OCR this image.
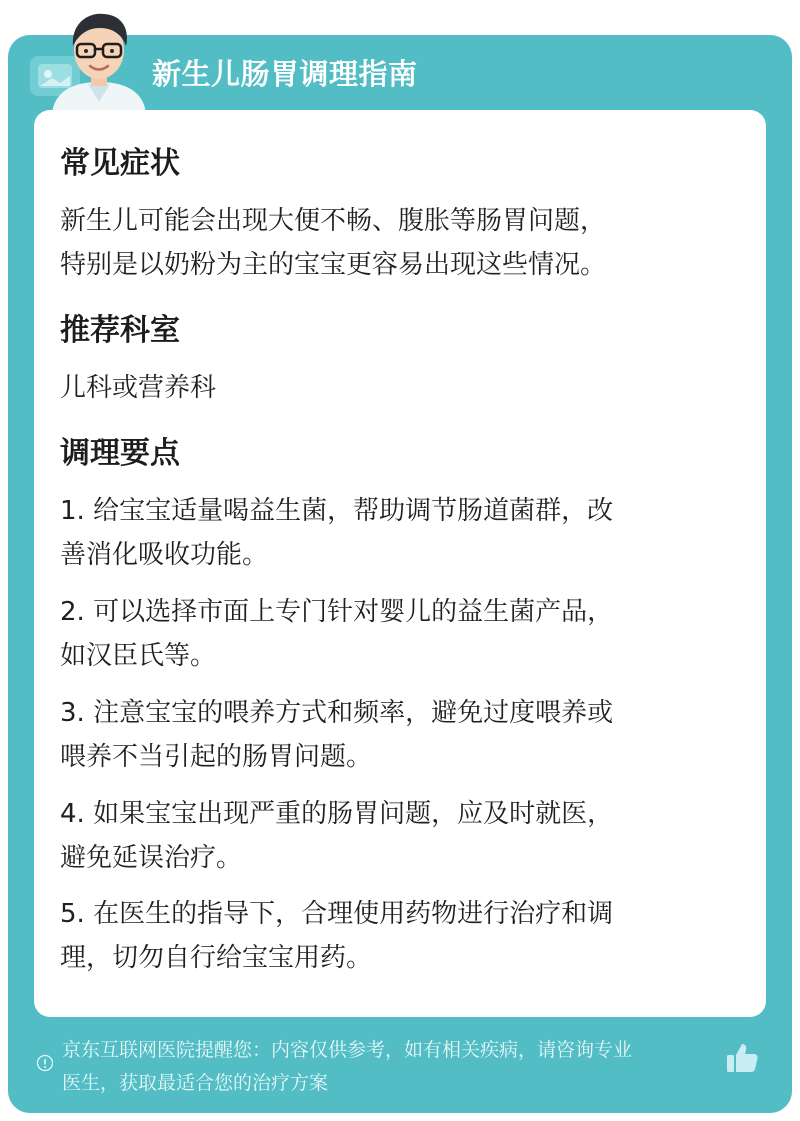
新生儿肠胃调理指南
常见症状
新生儿可能会出现大便不畅、腹胀等肠胃问题，
特别是以奶粉为主的宝宝更容易出现这些情况。
推荐科室
儿科或营养科
调理要点
1. 给宝宝适量喝益生菌，帮助调节肠道菌群，改
善消化吸收功能。
2. 可以选择市面上专门针对婴儿的益生菌产品，
如汉臣氏等。
3. 注意宝宝的喂养方式和频率，避免过度喂养或
喂养不当引起的肠胃问题。
4. 如果宝宝出现严重的肠胃问题，应及时就医，
避免延误治疗。
5. 在医生的指导下，合理使用药物进行治疗和调
理，切勿自行给宝宝用药。
京东互联网医院提醒您：内容仅供参考，如有相关疾病，请咨询专业
医生，获取最适合您的治疗方案
